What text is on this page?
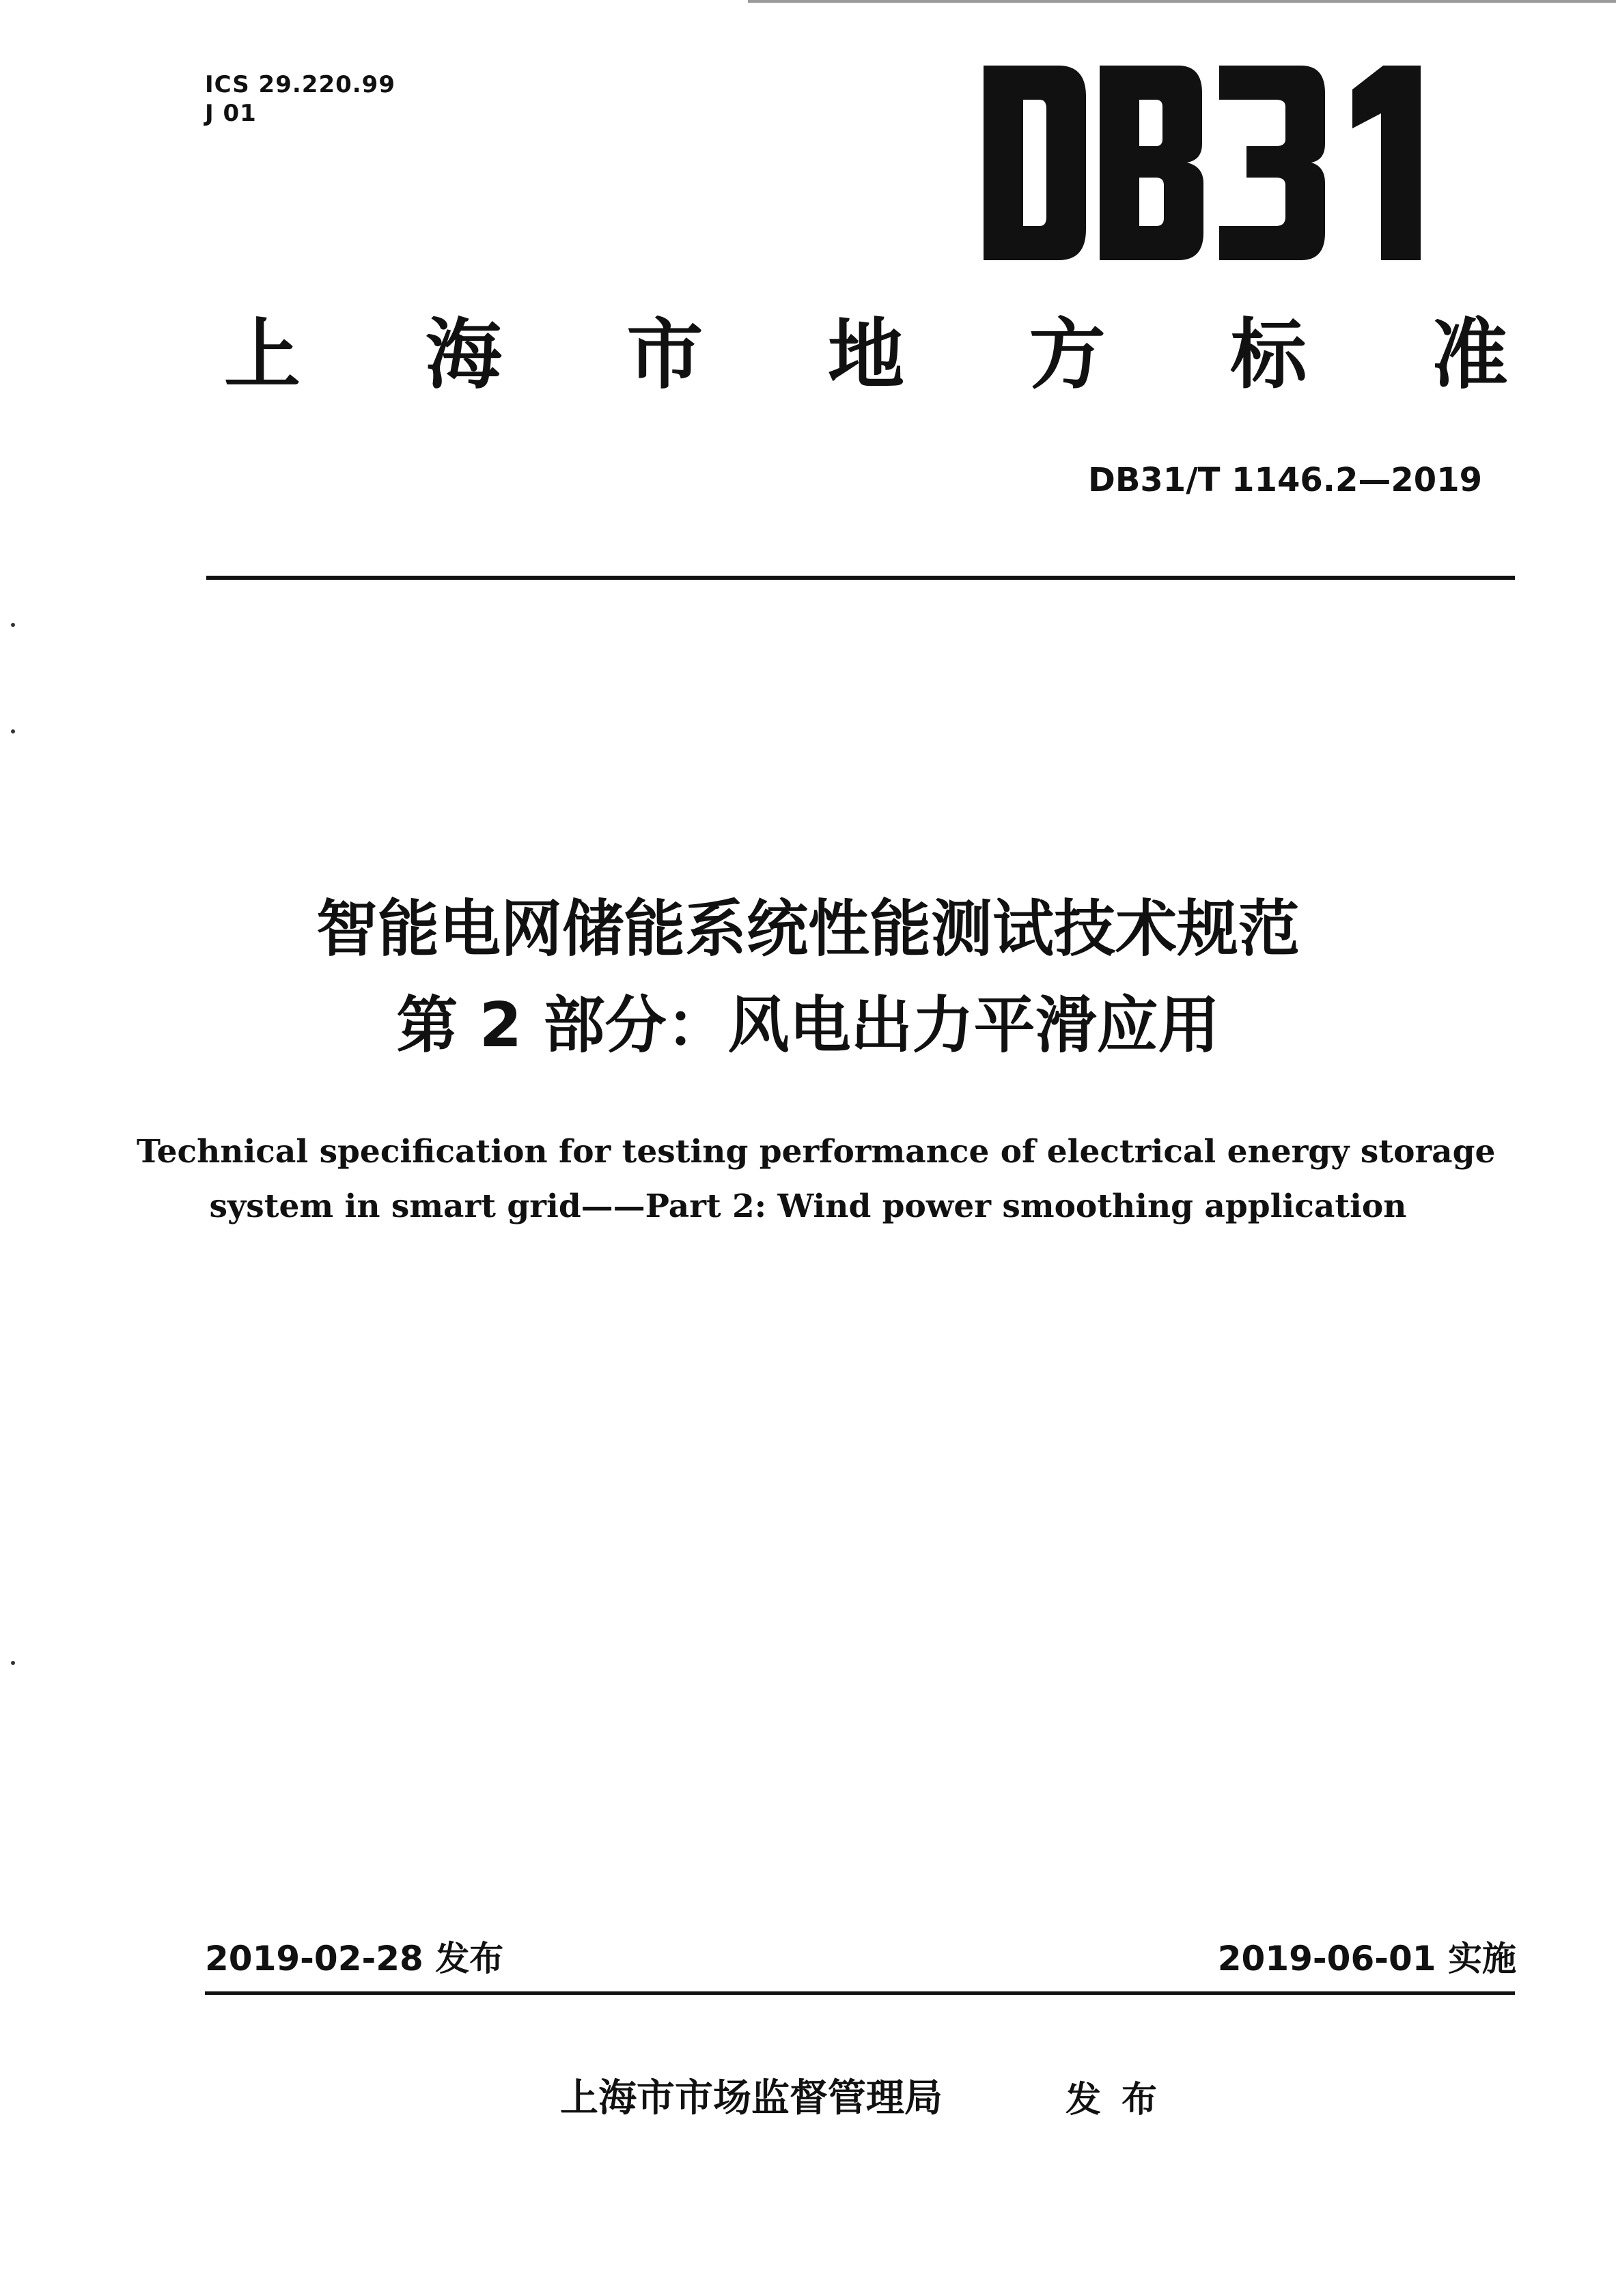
ICS 29.220.99
J 01
上 海 市 地 方 标 准
DB31/T 1146.2—2019
智能电网储能系统性能测试技术规范
第 2 部分：风电出力平滑应用
Technical specification for testing performance of electrical energy storage
system in smart grid——Part 2: Wind power smoothing application
2019-02-28 发布	2019-06-01 实施
上海市市场监督管理局	发布
